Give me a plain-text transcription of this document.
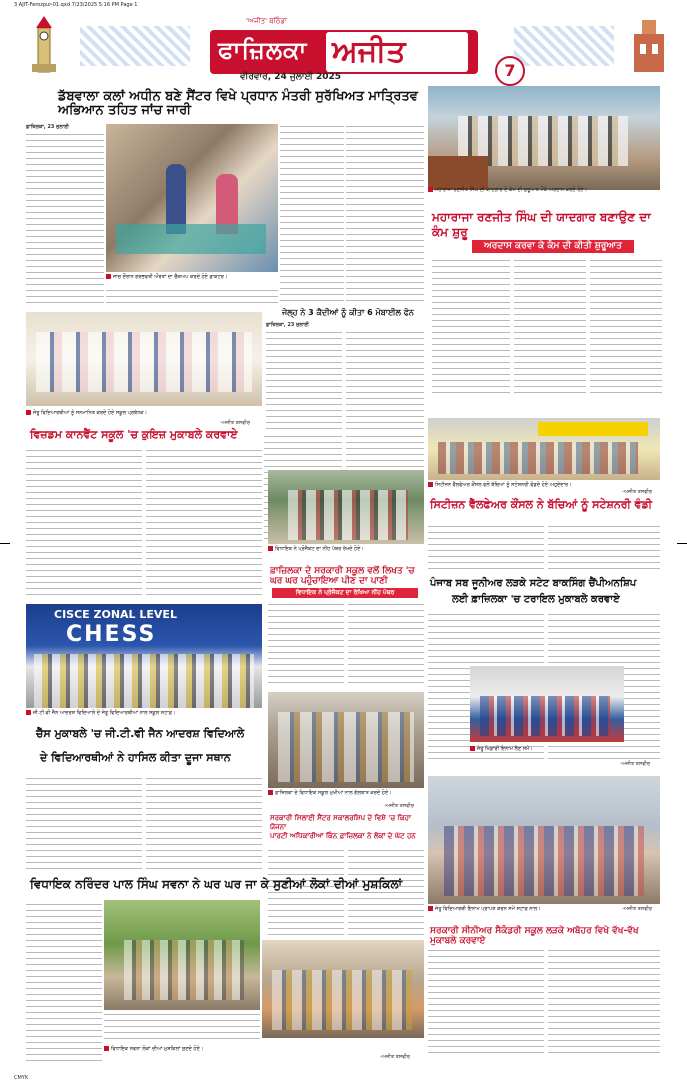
3 AJIT-Ferozpur-01.qxd 7/23/2025 5:16 PM Page 1
ਫਾਜ਼ਿਲਕਾ ਅਜੀਤ
'ਅਜੀਤ' ਬਠਿੰਡਾ
ਵੀਰਵਾਰ, 24 ਜੁਲਾਈ 2025	7
ਡੱਬਵਾਲਾ ਕਲਾਂ ਅਧੀਨ ਬਣੇ ਸੈਂਟਰ ਵਿਖੇ ਪ੍ਰਧਾਨ ਮੰਤਰੀ ਸੁਰੱਖਿਅਤ ਮਾਤ੍ਰਿਤਵ ਅਭਿਆਨ ਤਹਿਤ ਜਾਂਚ ਜਾਰੀ
ਫ਼ਾਜ਼ਿਲਕਾ, 23 ਜੁਲਾਈ
ਜਾਂਚ ਦੌਰਾਨ ਗਰਭਵਤੀ ਔਰਤਾਂ ਦਾ ਚੈੱਕਅਪ ਕਰਦੇ ਹੋਏ ਡਾਕਟਰ।
ਮਹਾਰਾਜਾ ਰਣਜੀਤ ਸਿੰਘ ਦੀ ਯਾਦਗਾਰ ਦੇ ਕੰਮ ਦੀ ਸ਼ੁਰੂਆਤ ਮੌਕੇ ਅਰਦਾਸ ਕਰਦੇ ਹੋਏ।
ਮਹਾਰਾਜਾ ਰਣਜੀਤ ਸਿੰਘ ਦੀ ਯਾਦਗਾਰ ਬਣਾਉਣ ਦਾ ਕੰਮ ਸ਼ੁਰੂ
ਅਰਦਾਸ ਕਰਵਾ ਕੇ ਕੰਮ ਦੀ ਕੀਤੀ ਸ਼ੁਰੂਆਤ
ਜੇਲ੍ਹ ਨੇ 3 ਕੈਦੀਆਂ ਨੂੰ ਕੀਤਾ 6 ਮੋਬਾਈਲ ਫੋਨ
ਫ਼ਾਜ਼ਿਲਕਾ, 23 ਜੁਲਾਈ
ਜੇਤੂ ਵਿਦਿਆਰਥੀਆਂ ਨੂੰ ਸਨਮਾਨਿਤ ਕਰਦੇ ਹੋਏ ਸਕੂਲ ਪ੍ਰਬੰਧਕ।
-ਅਜੀਤ ਤਸਵੀਰ
ਵਿਜ਼ਡਮ ਕਾਨਵੈਂਟ ਸਕੂਲ 'ਚ ਕੁਇਜ਼ ਮੁਕਾਬਲੇ ਕਰਵਾਏ
ਸਿਟੀਜ਼ਨ ਵੈੱਲਫੇਅਰ ਕੌਂਸਲ ਵਲੋਂ ਬੱਚਿਆਂ ਨੂੰ ਸਟੇਸ਼ਨਰੀ ਵੰਡਦੇ ਹੋਏ ਅਹੁਦੇਦਾਰ।
-ਅਜੀਤ ਤਸਵੀਰ
ਸਿਟੀਜ਼ਨ ਵੈੱਲਫੇਅਰ ਕੌਂਸਲ ਨੇ ਬੱਚਿਆਂ ਨੂੰ ਸਟੇਸ਼ਨਰੀ ਵੰਡੀ
ਵਿਧਾਇਕ ਨੇ ਪ੍ਰੋਜੈਕਟ ਦਾ ਨੀਂਹ ਪੱਥਰ ਰੱਖਦੇ ਹੋਏ।
ਫ਼ਾਜ਼ਿਲਕਾ ਦੇ ਸਰਕਾਰੀ ਸਕੂਲ ਵਲੋਂ ਲਿਖਤ 'ਚ ਘਰ ਘਰ ਪਹੁੰਚਾਇਆ ਪੀਣ ਦਾ ਪਾਣੀ
ਵਿਧਾਇਕ ਨੇ ਪ੍ਰੋਜੈਕਟ ਦਾ ਰੱਖਿਆ ਨੀਂਹ ਪੱਥਰ
ਪੰਜਾਬ ਸਬ ਜੂਨੀਅਰ ਲੜਕੇ ਸਟੇਟ ਬਾਕਸਿੰਗ ਚੈਂਪੀਅਨਸ਼ਿਪ
ਲਈ ਫ਼ਾਜ਼ਿਲਕਾ 'ਚ ਟਰਾਇਲ ਮੁਕਾਬਲੇ ਕਰਵਾਏ
ਜੇਤੂ ਖਿਡਾਰੀ ਇਨਾਮ ਲੈਣ ਸਮੇਂ।
-ਅਜੀਤ ਤਸਵੀਰ
CISCE ZONAL LEVEL
CHESS
ਜੀ.ਟੀ.ਵੀ ਜੈਨ ਆਦਰਸ਼ ਵਿਦਿਆਲੇ ਦੇ ਜੇਤੂ ਵਿਦਿਆਰਥੀਆਂ ਨਾਲ ਸਕੂਲ ਸਟਾਫ਼।
ਚੈੱਸ ਮੁਕਾਬਲੇ 'ਚ ਜੀ.ਟੀ.ਵੀ ਜੈਨ ਆਦਰਸ਼ ਵਿਦਿਆਲੇ
ਦੇ ਵਿਦਿਆਰਥੀਆਂ ਨੇ ਹਾਸਿਲ ਕੀਤਾ ਦੂਜਾ ਸਥਾਨ
ਫ਼ਾਜ਼ਿਲਕਾ ਦੇ ਵਿਧਾਇਕ ਸਕੂਲ ਮੁਖੀਆਂ ਨਾਲ ਗੱਲਬਾਤ ਕਰਦੇ ਹੋਏ।
-ਅਜੀਤ ਤਸਵੀਰ
ਸਰਕਾਰੀ ਸਿਲਾਈ ਸੈਂਟਰ ਸਕਾਲਰਸ਼ਿਪ ਦੇ ਵਿਸ਼ੇ 'ਚ ਕਿਹਾ ਯੋਜਨਾ
ਪਾਰਟੀ ਅਧਿਕਾਰੀਆਂ ਕਿੰਨ ਫ਼ਾਜ਼ਿਲਕਾ ਨੇ ਲੋਕਾਂ ਦੇ ਘੱਟ ਹਨ
ਜੇਤੂ ਵਿਦਿਆਰਥੀ ਇਨਾਮ ਪ੍ਰਾਪਤ ਕਰਨ ਸਮੇਂ ਸਟਾਫ਼ ਨਾਲ।	-ਅਜੀਤ ਤਸਵੀਰ
ਸਰਕਾਰੀ ਸੀਨੀਅਰ ਸੈਕੰਡਰੀ ਸਕੂਲ ਲੜਕੇ ਅਬੋਹਰ ਵਿਖੇ ਵੱਖ-ਵੱਖ ਮੁਕਾਬਲੇ ਕਰਵਾਏ
ਵਿਧਾਇਕ ਨਰਿੰਦਰ ਪਾਲ ਸਿੰਘ ਸਵਨਾ ਨੇ ਘਰ ਘਰ ਜਾ ਕੇ ਸੁਣੀਆਂ ਲੋਕਾਂ ਦੀਆਂ ਮੁਸ਼ਕਿਲਾਂ
ਵਿਧਾਇਕ ਸਵਨਾ ਲੋਕਾਂ ਦੀਆਂ ਮੁਸ਼ਕਿਲਾਂ ਸੁਣਦੇ ਹੋਏ।
-ਅਜੀਤ ਤਸਵੀਰ
CMYK
